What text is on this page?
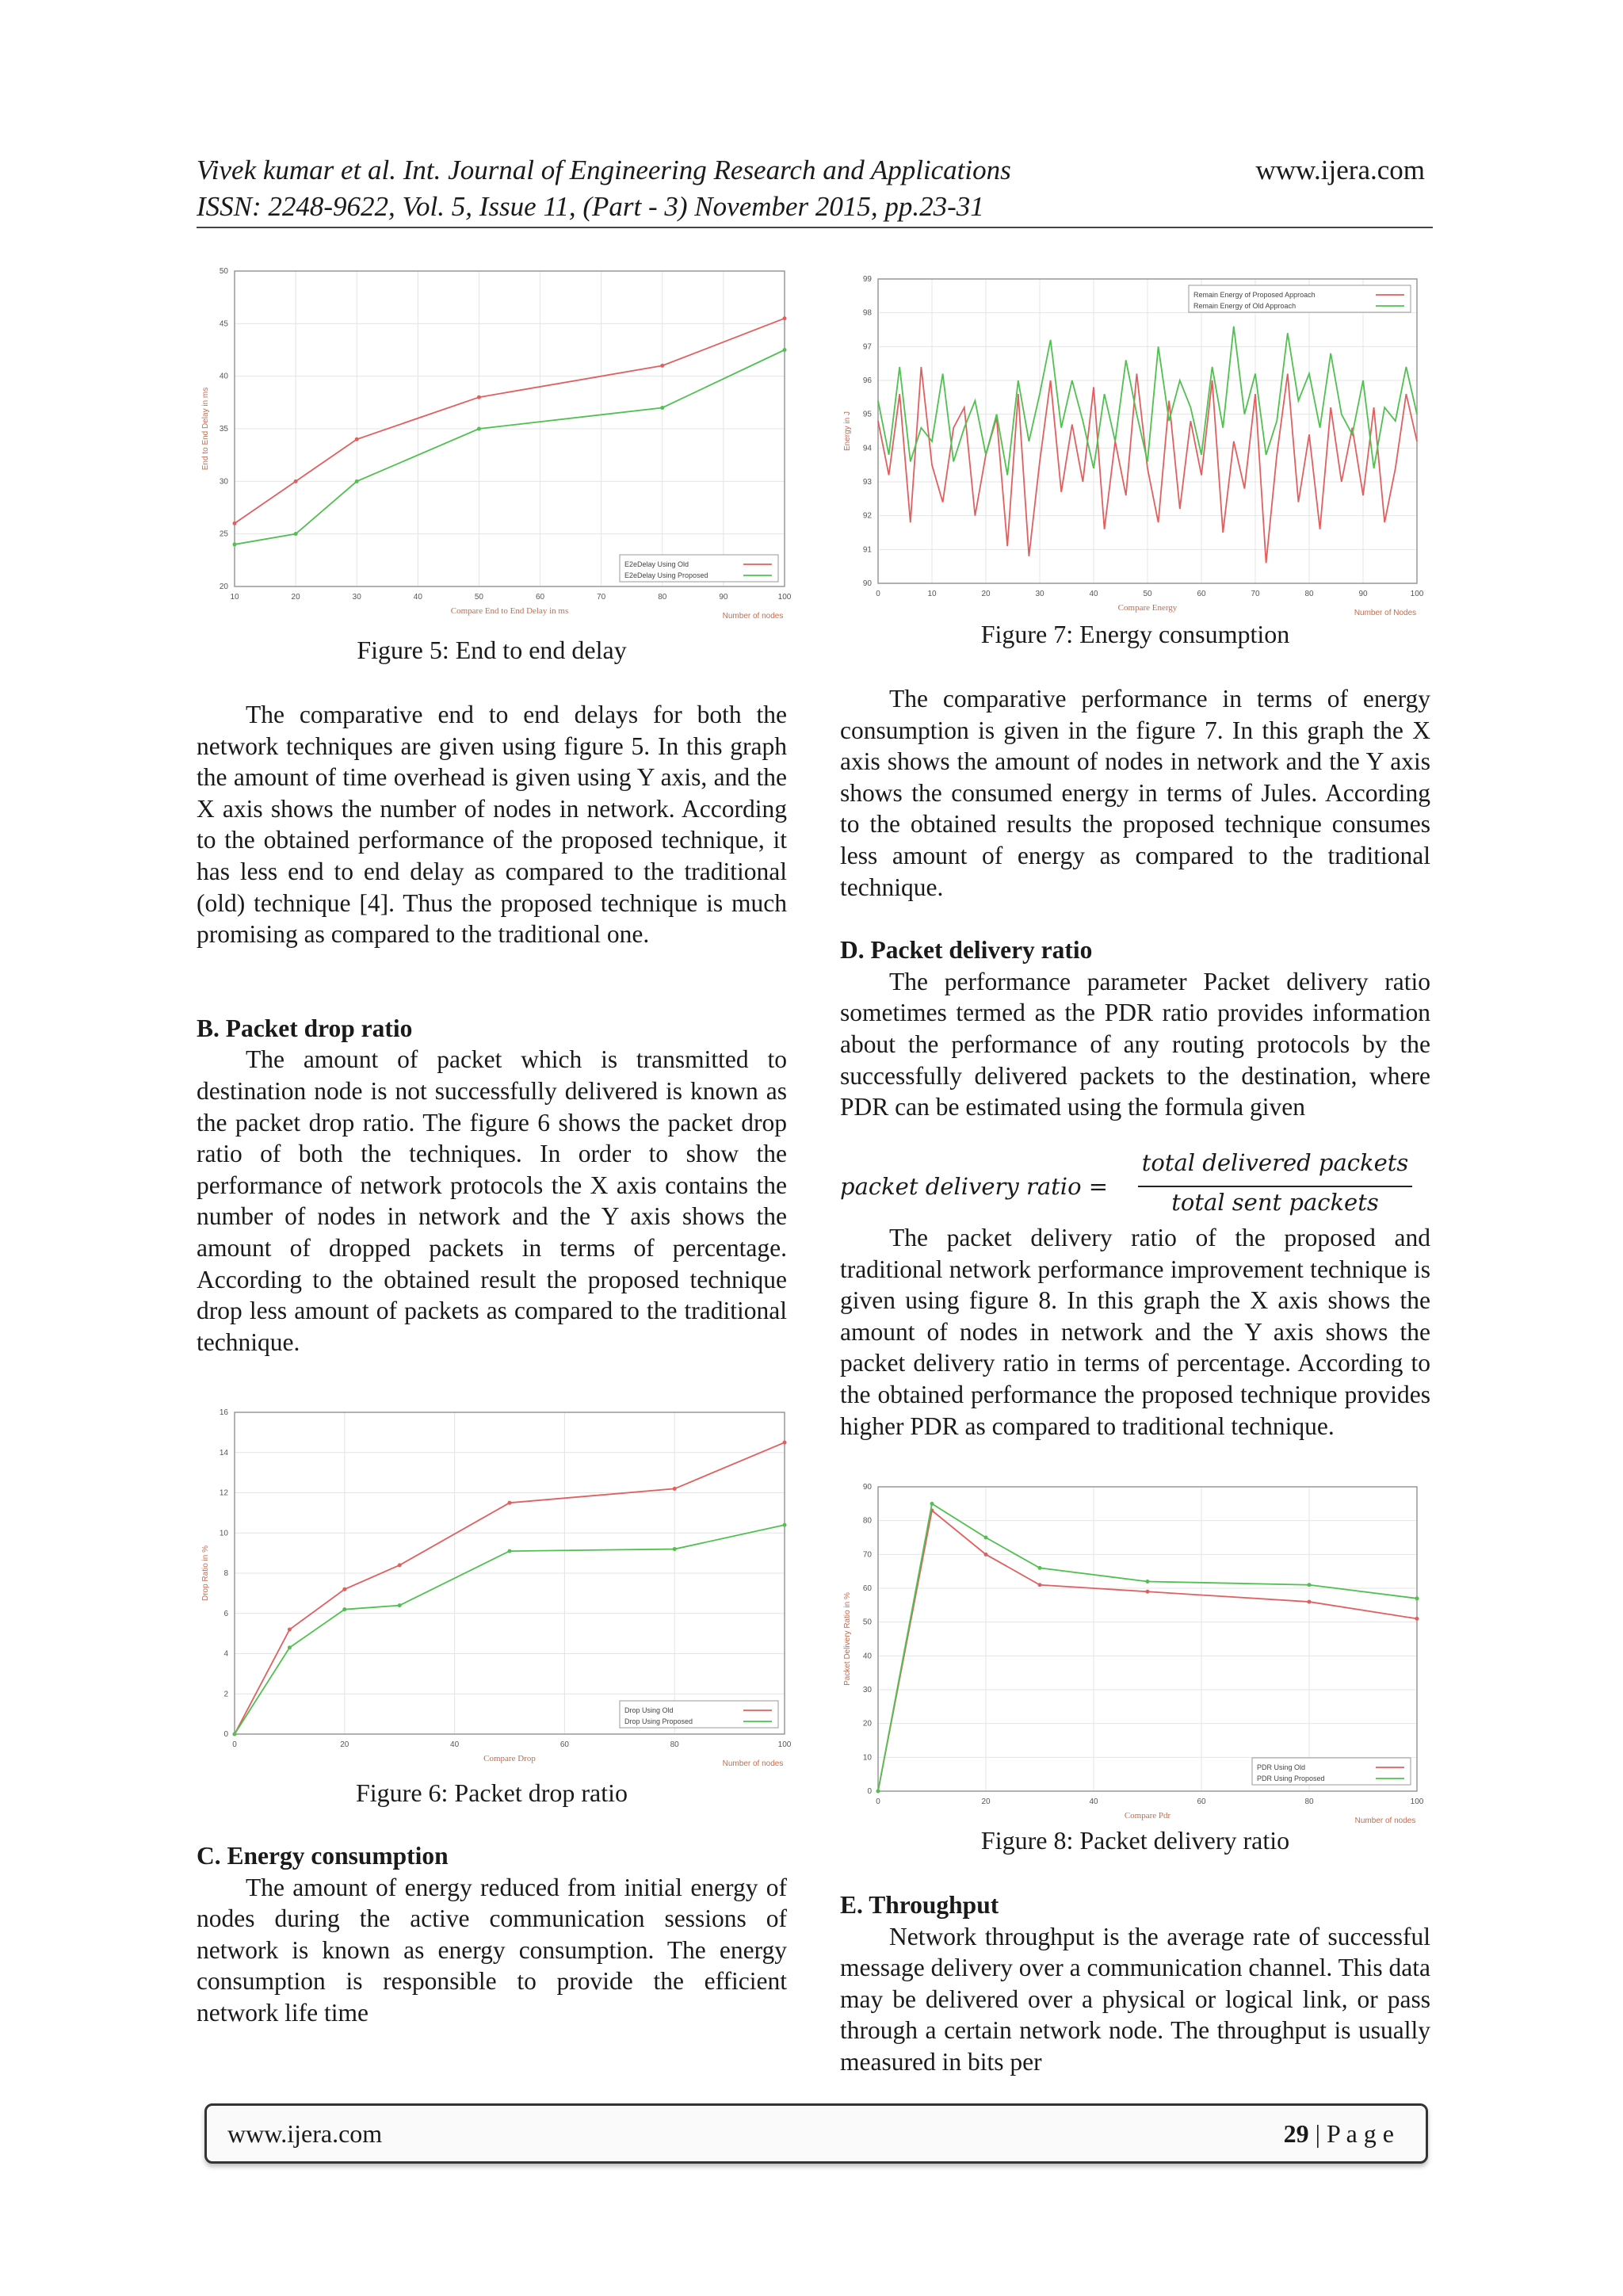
Vivek kumar et al. Int. Journal of Engineering Research and Applications
ISSN: 2248-9622, Vol. 5, Issue 11, (Part - 3) November 2015, pp.23-31
www.ijera.com
10	20	30	40	50	60	70	80	90	100
20
25
30
35
40
45
50
End to End Delay in ms
Compare End to End Delay in ms
Number of nodes
E2eDelay Using Old
E2eDelay Using Proposed
Figure 5: End to end delay

The comparative end to end delays for both the network techniques are given using figure 5. In this graph the amount of time overhead is given using Y axis, and the X axis shows the number of nodes in network. According to the obtained performance of the proposed technique, it has less end to end delay as compared to the traditional (old) technique [4]. Thus the proposed technique is much promising as compared to the traditional one.

B. Packet drop ratio

The amount of packet which is transmitted to destination node is not successfully delivered is known as the packet drop ratio. The figure 6 shows the packet drop ratio of both the techniques. In order to show the performance of network protocols the X axis contains the number of nodes in network and the Y axis shows the amount of dropped packets in terms of percentage. According to the obtained result the proposed technique drop less amount of packets as compared to the traditional technique.

0	20	40	60	80	100
0
2
4
6
8
10
12
14
16
Drop Ratio in %
Compare Drop
Number of nodes
Drop Using Old
Drop Using Proposed
Figure 6: Packet drop ratio
C. Energy consumption

The amount of energy reduced from initial energy of nodes during the active communication sessions of network is known as energy consumption. The energy consumption is responsible to provide the efficient network life time

0	10	20	30	40	50	60	70	80	90	100
90
91
92
93
94
95
96
97
98
99
Energy in J
Compare Energy
Number of Nodes
Remain Energy of Proposed Approach
Remain Energy of Old Approach
Figure 7: Energy consumption

The comparative performance in terms of energy consumption is given in the figure 7. In this graph the X axis shows the amount of nodes in network and the Y axis shows the consumed energy in terms of Jules. According to the obtained results the proposed technique consumes less amount of energy as compared to the traditional technique.

D. Packet delivery ratio

The performance parameter Packet delivery ratio sometimes termed as the PDR ratio provides information about the performance of any routing protocols by the successfully delivered packets to the destination, where PDR can be estimated using the formula given

packet delivery ratio =
total delivered packets
total sent packets

The packet delivery ratio of the proposed and traditional network performance improvement technique is given using figure 8. In this graph the X axis shows the amount of nodes in network and the Y axis shows the packet delivery ratio in terms of percentage. According to the obtained performance the proposed technique provides higher PDR as compared to traditional technique.

0	20	40	60	80	100
0
10
20
30
40
50
60
70
80
90
Packet Delivery Ratio in %
Compare Pdr
Number of nodes
PDR Using Old
PDR Using Proposed
Figure 8: Packet delivery ratio
E. Throughput

Network throughput is the average rate of successful message delivery over a communication channel. This data may be delivered over a physical or logical link, or pass through a certain network node. The throughput is usually measured in bits per

www.ijera.com	29 | P a g e
